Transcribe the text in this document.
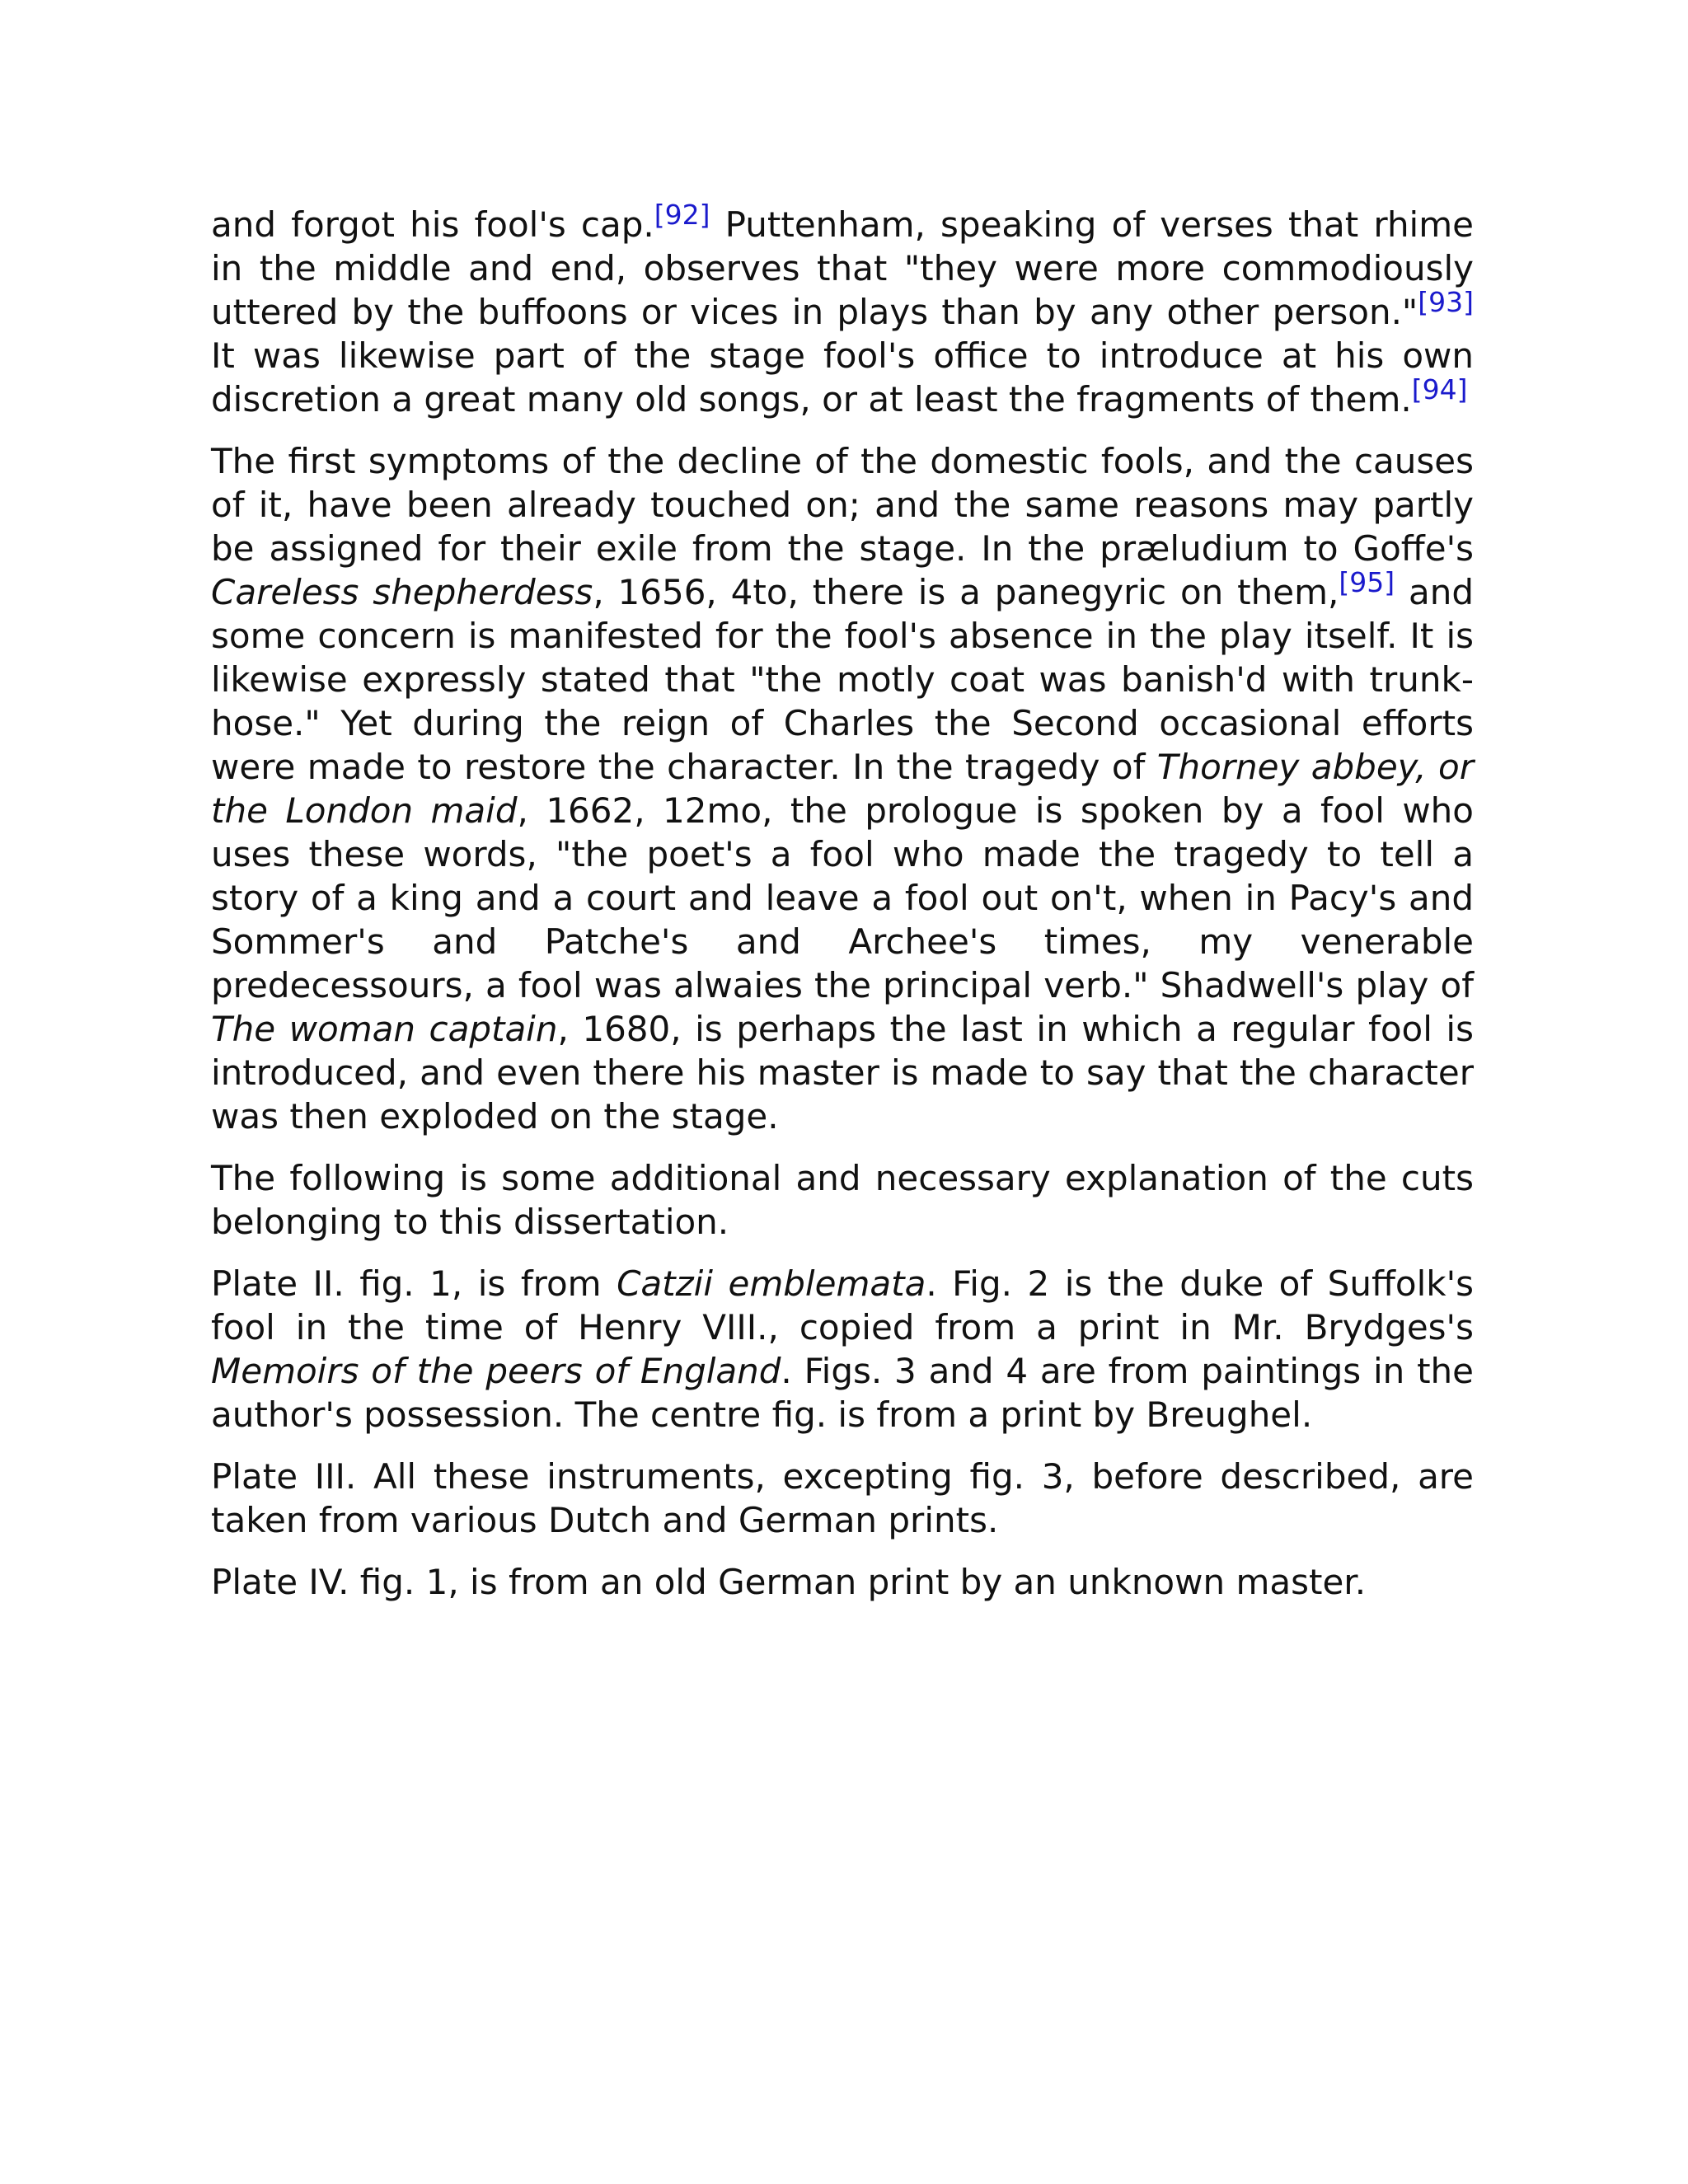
and forgot his fool's cap.[92] Puttenham, speaking of verses that rhime in the middle and end, observes that "they were more commodiously uttered by the buffoons or vices in plays than by any other person."[93] It was likewise part of the stage fool's office to introduce at his own discretion a great many old songs, or at least the fragments of them.[94]

The first symptoms of the decline of the domestic fools, and the causes of it, have been already touched on; and the same reasons may partly be assigned for their exile from the stage. In the præludium to Goffe's Careless shepherdess, 1656, 4to, there is a panegyric on them,[95] and some concern is manifested for the fool's absence in the play itself. It is likewise expressly stated that "the motly coat was banish'd with trunk-hose." Yet during the reign of Charles the Second occasional efforts were made to restore the character. In the tragedy of Thorney abbey, or the London maid, 1662, 12mo, the prologue is spoken by a fool who uses these words, "the poet's a fool who made the tragedy to tell a story of a king and a court and leave a fool out on't, when in Pacy's and Sommer's and Patche's and Archee's times, my venerable predecessours, a fool was alwaies the principal verb." Shadwell's play of The woman captain, 1680, is perhaps the last in which a regular fool is introduced, and even there his master is made to say that the character was then exploded on the stage.

The following is some additional and necessary explanation of the cuts belonging to this dissertation.

Plate II. fig. 1, is from Catzii emblemata. Fig. 2 is the duke of Suffolk's fool in the time of Henry VIII., copied from a print in Mr. Brydges's Memoirs of the peers of England. Figs. 3 and 4 are from paintings in the author's possession. The centre fig. is from a print by Breughel.

Plate III. All these instruments, excepting fig. 3, before described, are taken from various Dutch and German prints.

Plate IV. fig. 1, is from an old German print by an unknown master.
